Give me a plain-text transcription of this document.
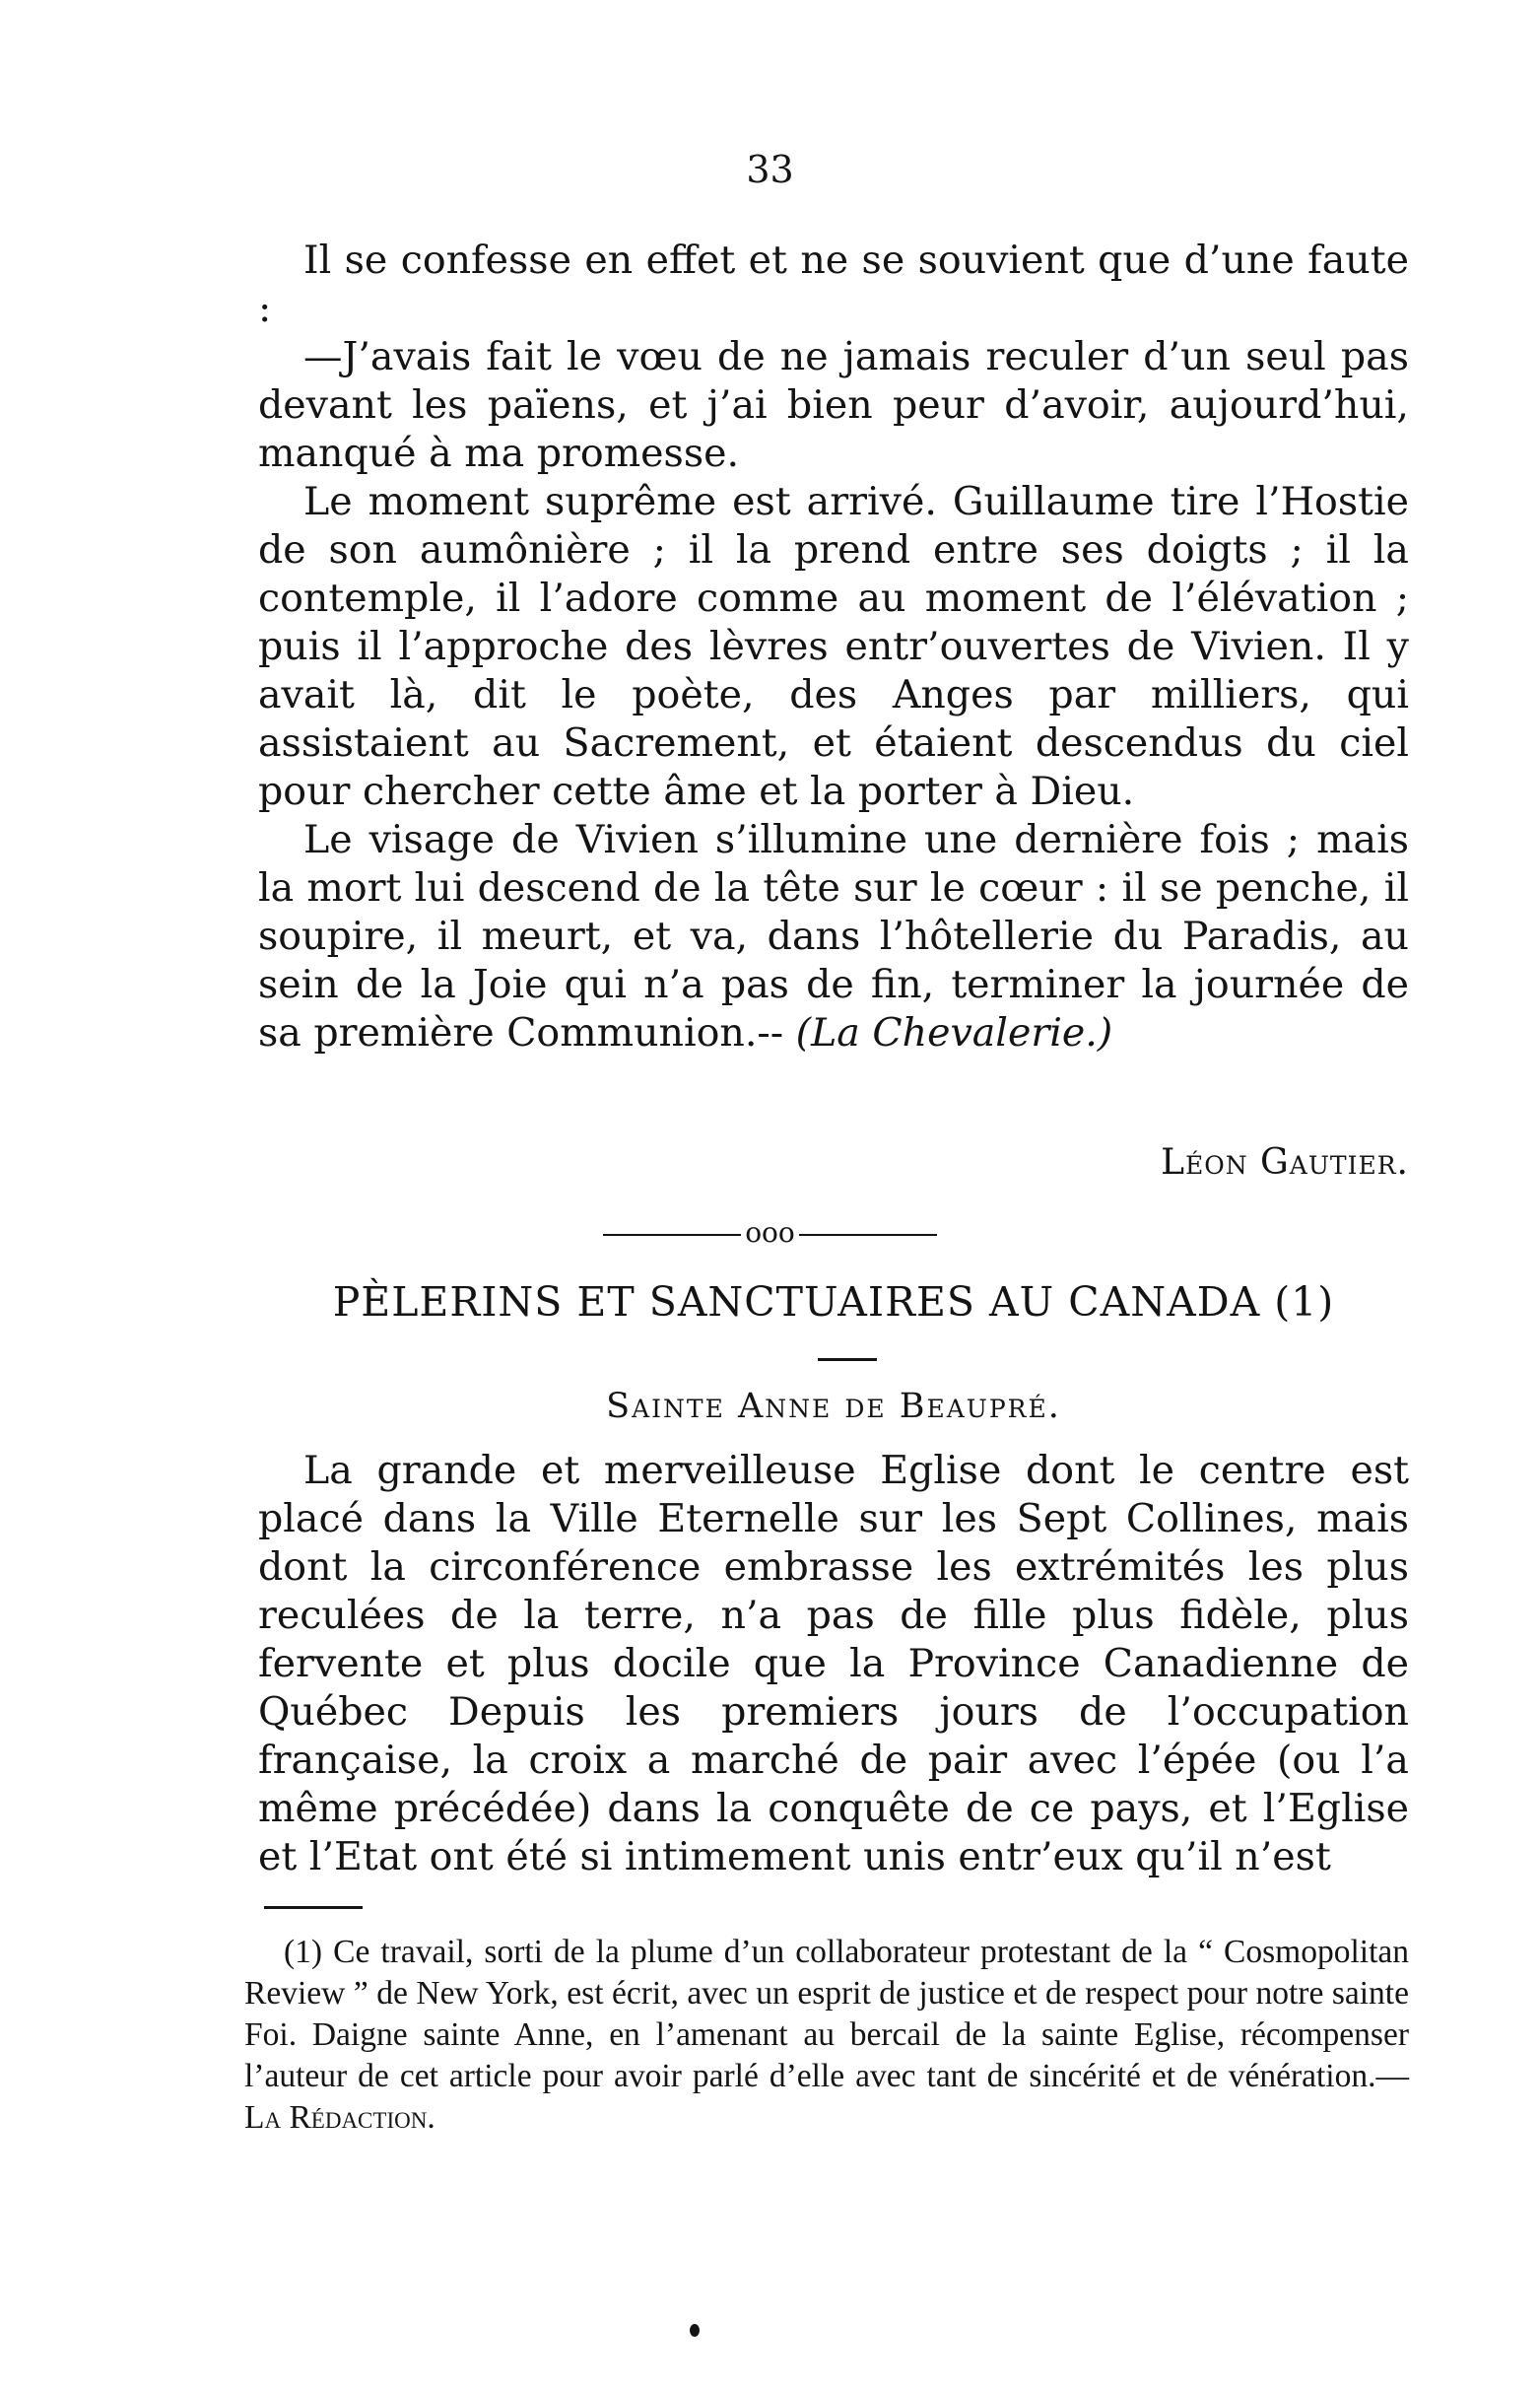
33

Il se confesse en effet et ne se souvient que d’une faute :

—J’avais fait le vœu de ne jamais reculer d’un seul pas devant les païens, et j’ai bien peur d’avoir, aujourd’hui, manqué à ma promesse.

Le moment suprême est arrivé. Guillaume tire l’Hostie de son aumônière ; il la prend entre ses doigts ; il la contemple, il l’adore comme au moment de l’élévation ; puis il l’approche des lèvres entr’ouvertes de Vivien. Il y avait là, dit le poète, des Anges par milliers, qui assistaient au Sacrement, et étaient descendus du ciel pour chercher cette âme et la porter à Dieu.

Le visage de Vivien s’illumine une dernière fois ; mais la mort lui descend de la tête sur le cœur : il se penche, il soupire, il meurt, et va, dans l’hôtellerie du Paradis, au sein de la Joie qui n’a pas de fin, terminer la journée de sa première Communion.-- (La Chevalerie.)

Léon Gautier.
ooo
PÈLERINS ET SANCTUAIRES AU CANADA (1)
Sainte Anne de Beaupré.

La grande et merveilleuse Eglise dont le centre est placé dans la Ville Eternelle sur les Sept Collines, mais dont la circonférence embrasse les extrémités les plus reculées de la terre, n’a pas de fille plus fidèle, plus fervente et plus docile que la Province Canadienne de Québec Depuis les premiers jours de l’occupation française, la croix a marché de pair avec l’épée (ou l’a même précédée) dans la conquête de ce pays, et l’Eglise et l’Etat ont été si intimement unis entr’eux qu’il n’est

(1) Ce travail, sorti de la plume d’un collaborateur protestant de la “ Cosmopolitan Review ” de New York, est écrit, avec un esprit de justice et de respect pour notre sainte Foi. Daigne sainte Anne, en l’amenant au bercail de la sainte Eglise, récompenser l’auteur de cet article pour avoir parlé d’elle avec tant de sincérité et de vénération.—La Rédaction.
